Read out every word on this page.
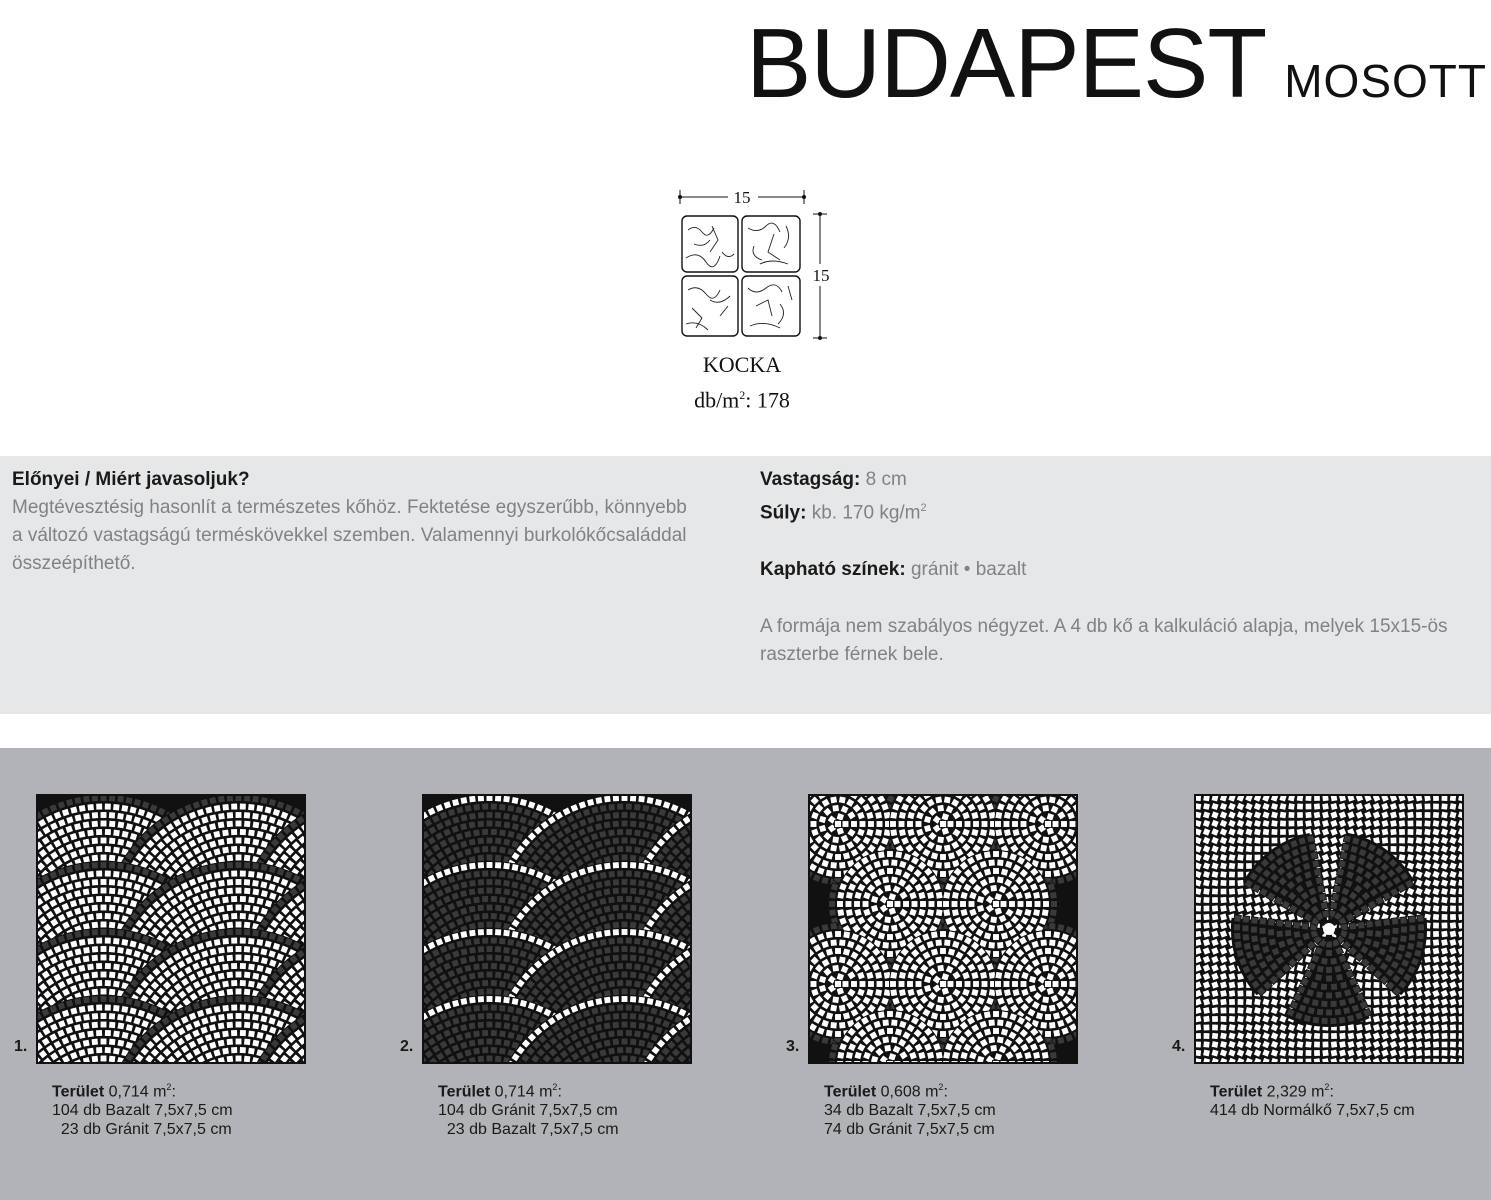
BUDAPEST MOSOTT
15
15
KOCKA
$db/m^2$: 178
Előnyei / Miért javasoljuk?
Megtévesztésig hasonlít a természetes kőhöz. Fektetése egyszerűbb, könnyebb a változó vastagságú terméskövekkel szemben. Valamennyi burkolókőcsaláddal összeépíthető.
Vastagság: 8 cm
Súly: kb. 170 $kg/m^2$
Kapható színek: gránit • bazalt
A formája nem szabályos négyzet. A 4 db kő a kalkuláció alapja, melyek 15x15-ös raszterbe férnek bele.
1.	2.	3.	4.
Terület 0,714 $m^2$:
104 db Bazalt 7,5x7,5 cm
23 db Gránit 7,5x7,5 cm
Terület 0,714 $m^2$:
104 db Gránit 7,5x7,5 cm
23 db Bazalt 7,5x7,5 cm
Terület 0,608 $m^2$:
34 db Bazalt 7,5x7,5 cm
74 db Gránit 7,5x7,5 cm
Terület 2,329 $m^2$:
414 db Normálkő 7,5x7,5 cm
